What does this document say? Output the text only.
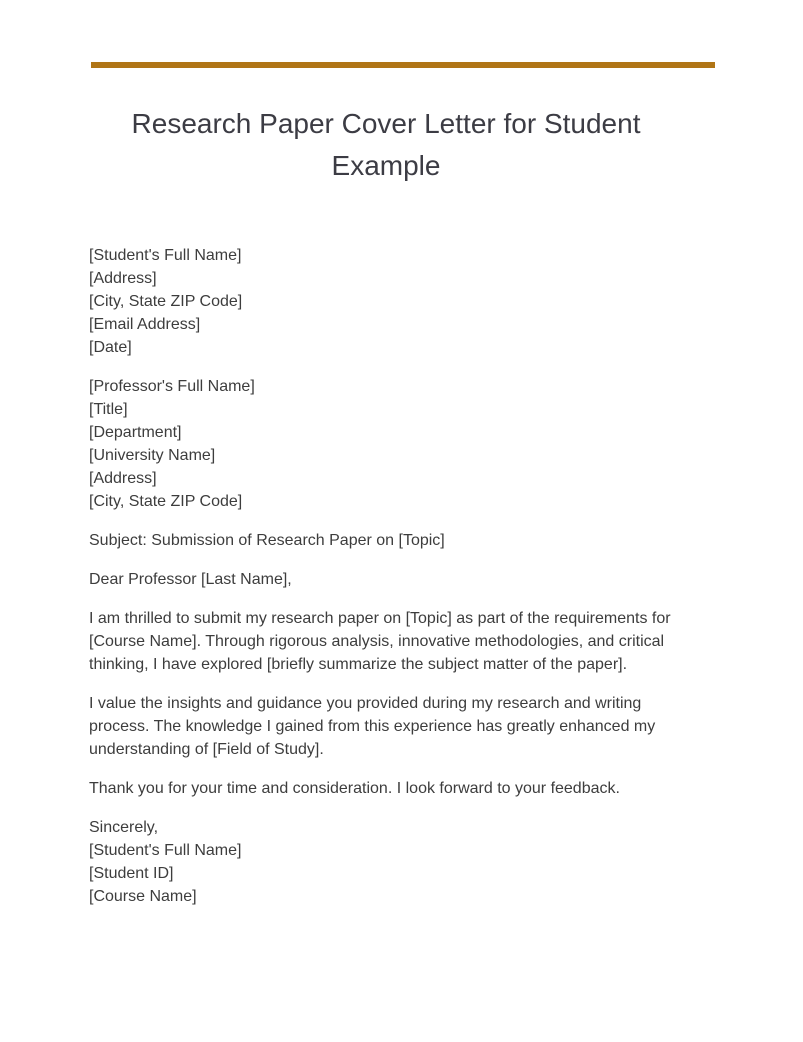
Research Paper Cover Letter for Student Example
[Student's Full Name]
[Address]
[City, State ZIP Code]
[Email Address]
[Date]
[Professor's Full Name]
[Title]
[Department]
[University Name]
[Address]
[City, State ZIP Code]

Subject: Submission of Research Paper on [Topic]

Dear Professor [Last Name],

I am thrilled to submit my research paper on [Topic] as part of the requirements for [Course Name]. Through rigorous analysis, innovative methodologies, and critical thinking, I have explored [briefly summarize the subject matter of the paper].

I value the insights and guidance you provided during my research and writing process. The knowledge I gained from this experience has greatly enhanced my understanding of [Field of Study].

Thank you for your time and consideration. I look forward to your feedback.

Sincerely,
[Student's Full Name]
[Student ID]
[Course Name]
